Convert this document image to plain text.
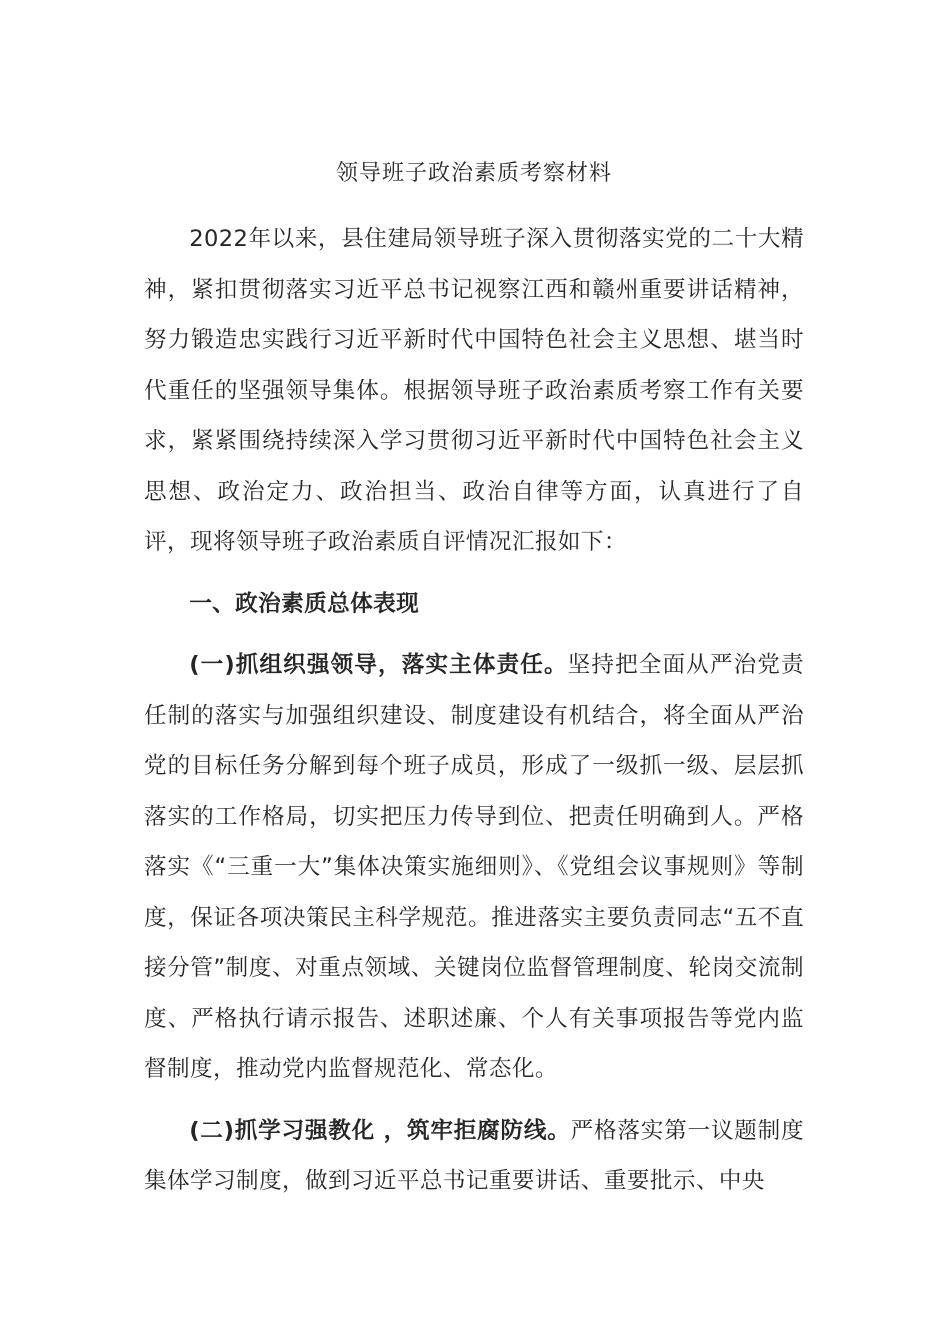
领导班子政治素质考察材料

2022年以来，县住建局领导班子深入贯彻落实党的二十大精神，紧扣贯彻落实习近平总书记视察江西和赣州重要讲话精神，努力锻造忠实践行习近平新时代中国特色社会主义思想、堪当时代重任的坚强领导集体。根据领导班子政治素质考察工作有关要求，紧紧围绕持续深入学习贯彻习近平新时代中国特色社会主义思想、政治定力、政治担当、政治自律等方面，认真进行了自评，现将领导班子政治素质自评情况汇报如下：

一、政治素质总体表现

(一)抓组织强领导，落实主体责任。坚持把全面从严治党责任制的落实与加强组织建设、制度建设有机结合，将全面从严治党的目标任务分解到每个班子成员，形成了一级抓一级、层层抓落实的工作格局，切实把压力传导到位、把责任明确到人。严格落实《“三重一大”集体决策实施细则》、《党组会议事规则》等制度，保证各项决策民主科学规范。推进落实主要负责同志“五不直接分管”制度、对重点领域、关键岗位监督管理制度、轮岗交流制度、严格执行请示报告、述职述廉、个人有关事项报告等党内监督制度，推动党内监督规范化、常态化。

(二)抓学习强教化 ，筑牢拒腐防线。严格落实第一议题制度集体学习制度，做到习近平总书记重要讲话、重要批示、中央
